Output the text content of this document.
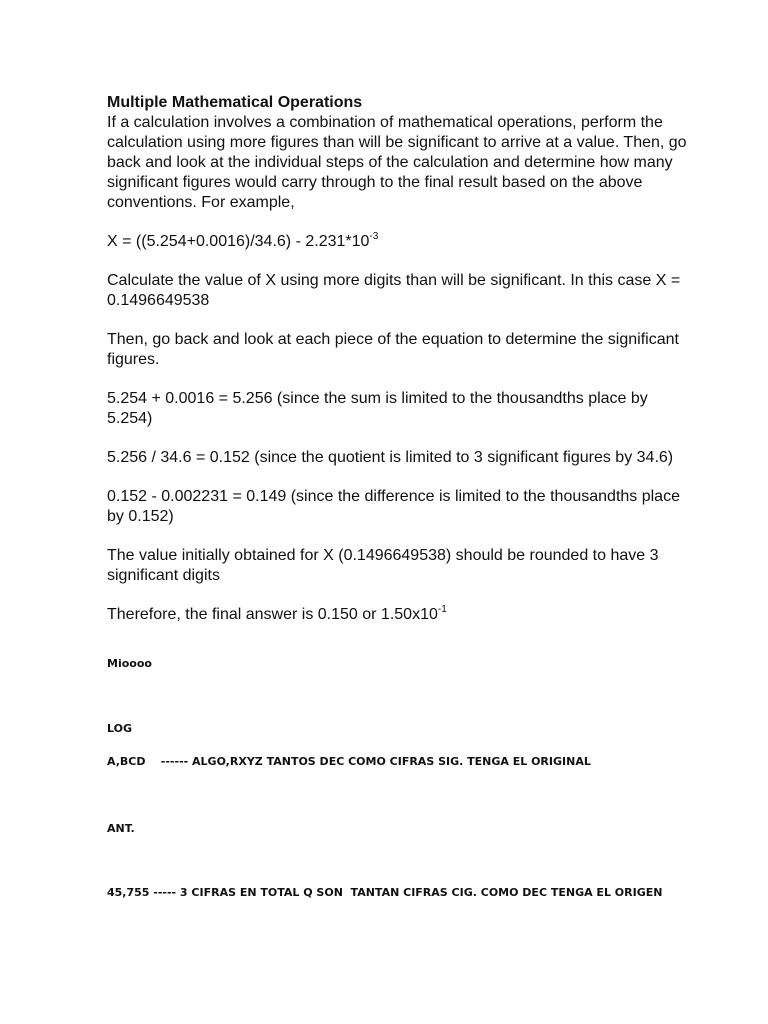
Multiple Mathematical Operations

If a calculation involves a combination of mathematical operations, perform the calculation using more figures than will be significant to arrive at a value. Then, go back and look at the individual steps of the calculation and determine how many significant figures would carry through to the final result based on the above conventions. For example,

$X = ((5.254+0.0016)/34.6) - 2.231*10^{-3}$

Calculate the value of X using more digits than will be significant. In this case X = 0.1496649538

Then, go back and look at each piece of the equation to determine the significant figures.

5.254 + 0.0016 = 5.256 (since the sum is limited to the thousandths place by 5.254)

5.256 / 34.6 = 0.152 (since the quotient is limited to 3 significant figures by 34.6)

0.152 - 0.002231 = 0.149 (since the difference is limited to the thousandths place by 0.152)

The value initially obtained for X (0.1496649538) should be rounded to have 3 significant digits

Therefore, the final answer is 0.150 or $1.50x10^{-1}$

Mioooo
LOG
A,BCD    ------ ALGO,RXYZ TANTOS DEC COMO CIFRAS SIG. TENGA EL ORIGINAL
ANT.
45,755 ----- 3 CIFRAS EN TOTAL Q SON  TANTAN CIFRAS CIG. COMO DEC TENGA EL ORIGEN
